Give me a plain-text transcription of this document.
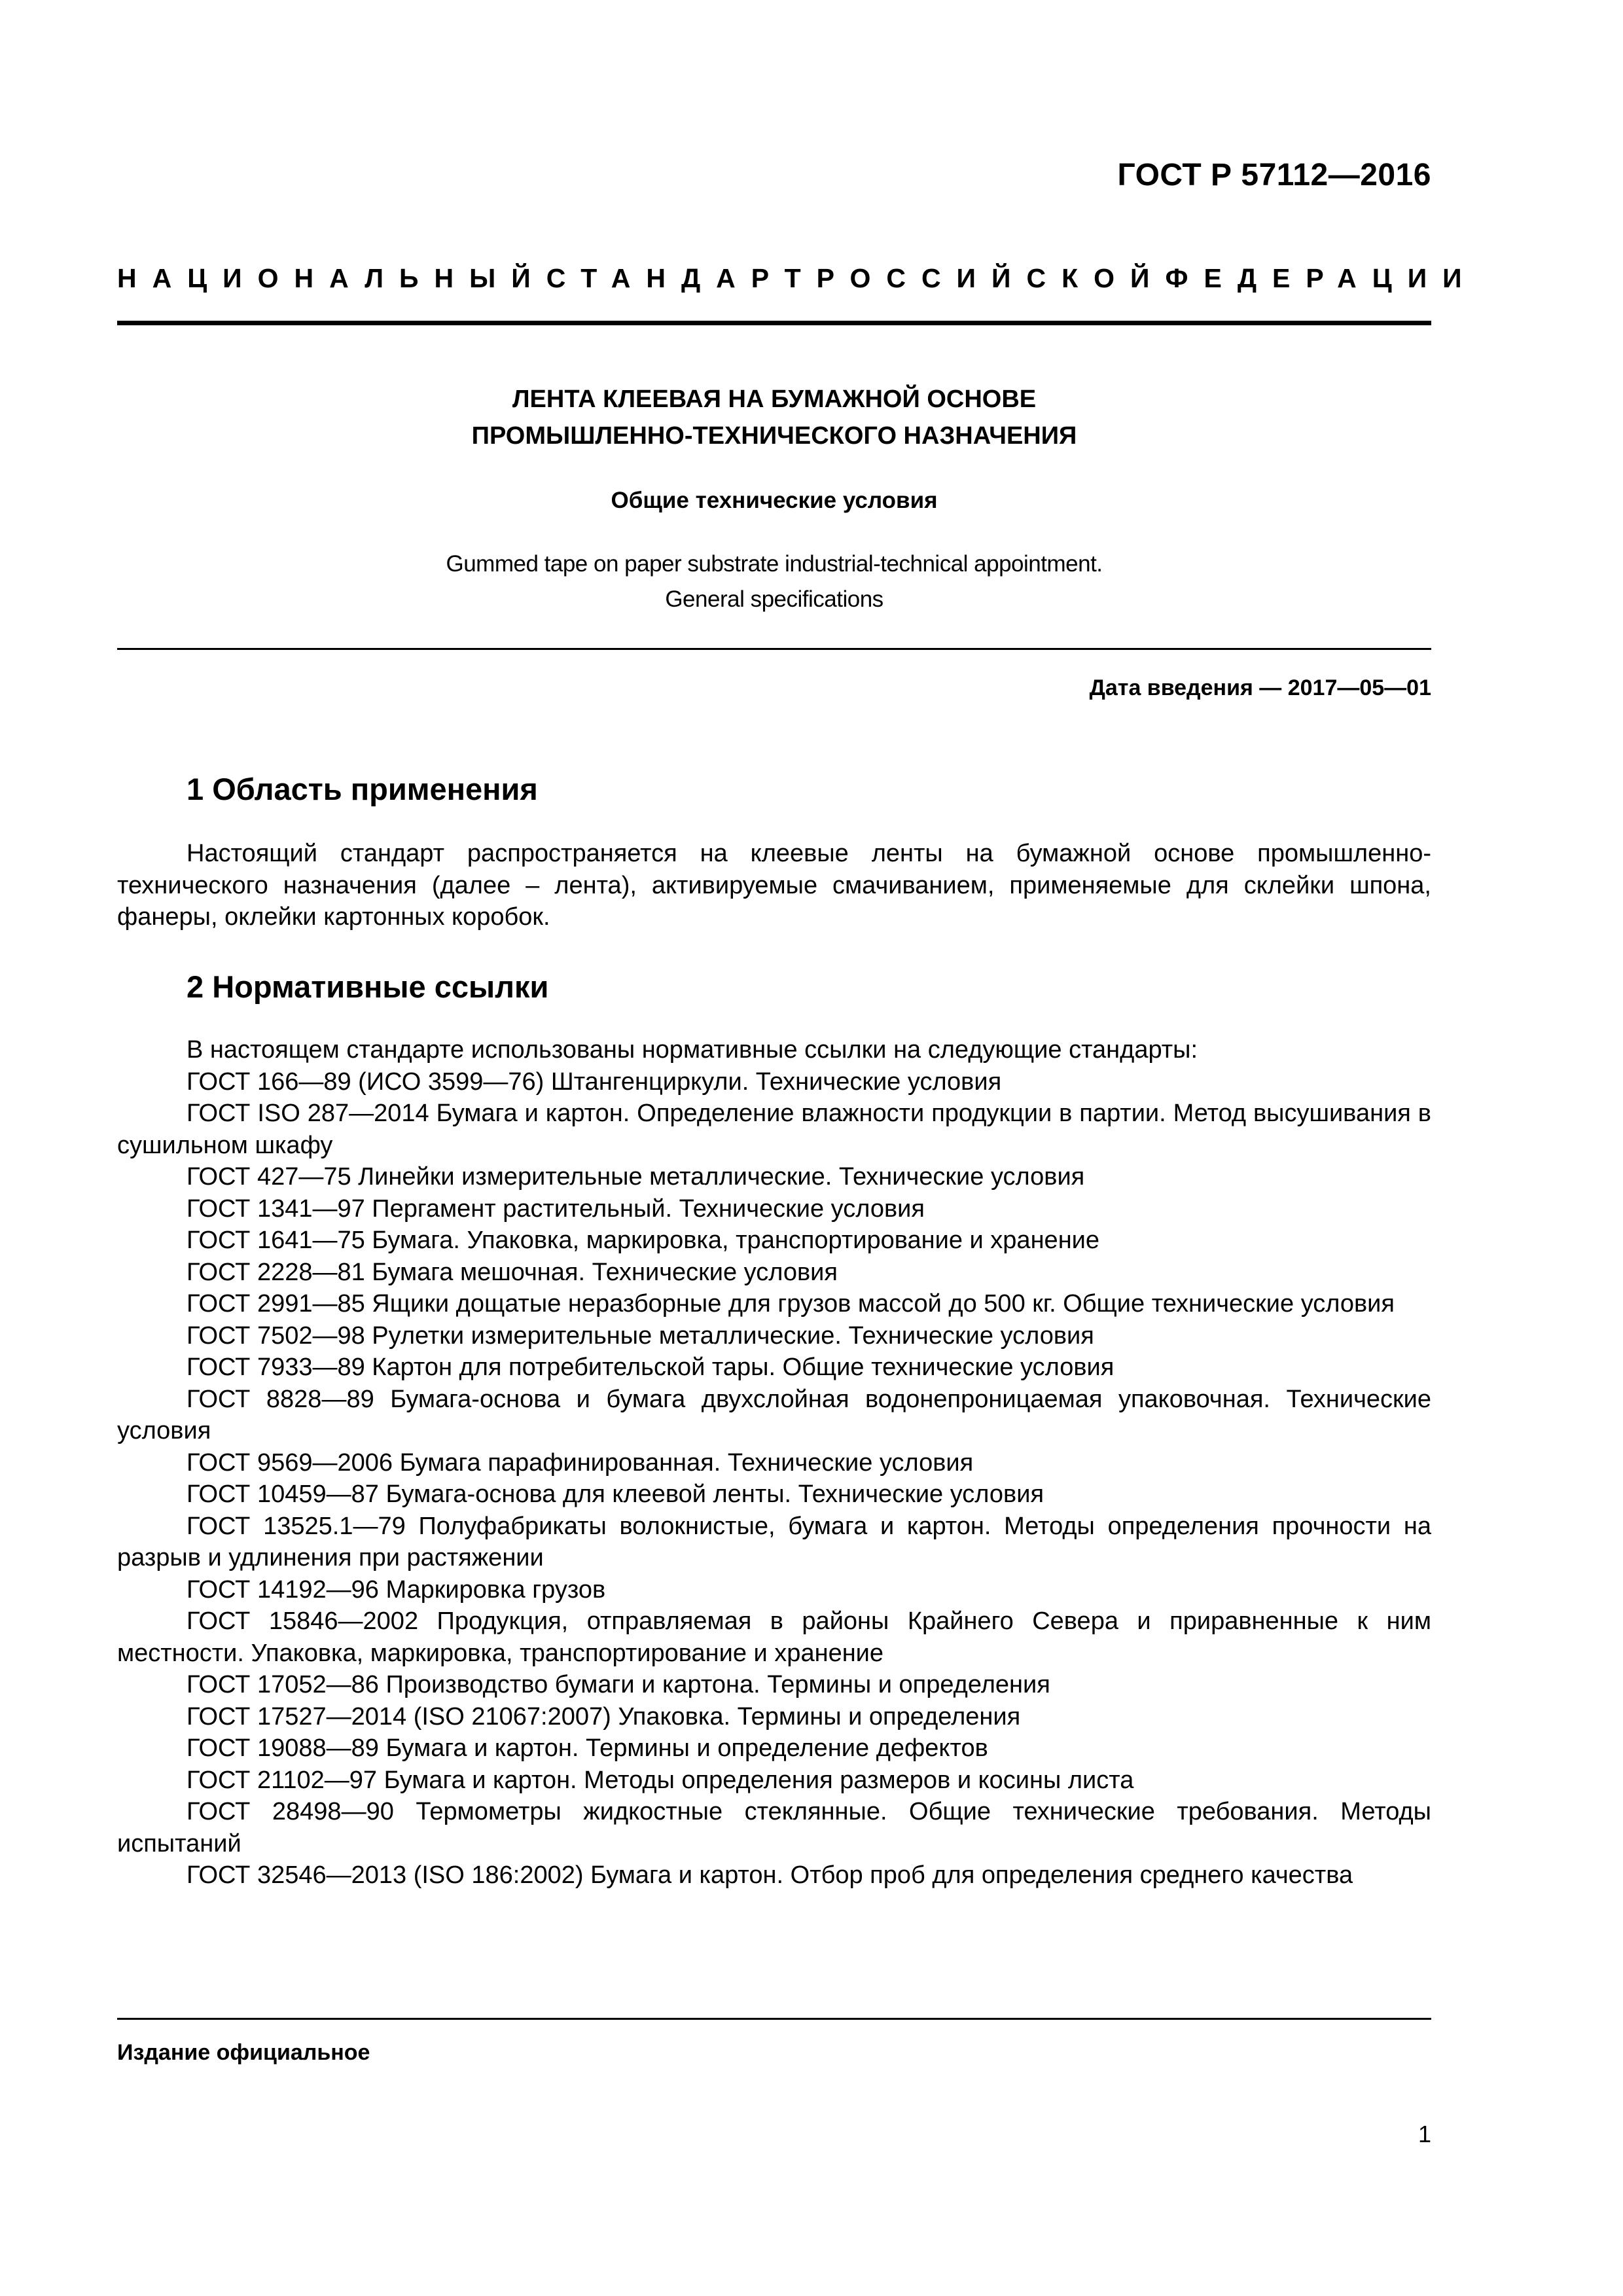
ГОСТ Р 57112—2016
НАЦИОНАЛЬНЫЙ СТАНДАРТ РОССИЙСКОЙ ФЕДЕРАЦИИ
ЛЕНТА КЛЕЕВАЯ НА БУМАЖНОЙ ОСНОВЕ
ПРОМЫШЛЕННО-ТЕХНИЧЕСКОГО НАЗНАЧЕНИЯ
Общие технические условия
Gummed tape on paper substrate industrial-technical appointment.
General specifications
Дата введения — 2017—05—01
1 Область применения
Настоящий стандарт распространяется на клеевые ленты на бумажной основе промышленно-технического назначения (далее – лента), активируемые смачиванием, применяемые для склейки шпона, фанеры, оклейки картонных коробок.
2 Нормативные ссылки

В настоящем стандарте использованы нормативные ссылки на следующие стандарты:

ГОСТ 166—89 (ИСО 3599—76) Штангенциркули. Технические условия

ГОСТ ISO 287—2014 Бумага и картон. Определение влажности продукции в партии. Метод высушивания в сушильном шкафу

ГОСТ 427—75 Линейки измерительные металлические. Технические условия

ГОСТ 1341—97 Пергамент растительный. Технические условия

ГОСТ 1641—75 Бумага. Упаковка, маркировка, транспортирование и хранение

ГОСТ 2228—81 Бумага мешочная. Технические условия

ГОСТ 2991—85 Ящики дощатые неразборные для грузов массой до 500 кг. Общие технические условия

ГОСТ 7502—98 Рулетки измерительные металлические. Технические условия

ГОСТ 7933—89 Картон для потребительской тары. Общие технические условия

ГОСТ 8828—89 Бумага-основа и бумага двухслойная водонепроницаемая упаковочная. Технические условия

ГОСТ 9569—2006 Бумага парафинированная. Технические условия

ГОСТ 10459—87 Бумага-основа для клеевой ленты. Технические условия

ГОСТ 13525.1—79 Полуфабрикаты волокнистые, бумага и картон. Методы определения прочности на разрыв и удлинения при растяжении

ГОСТ 14192—96 Маркировка грузов

ГОСТ 15846—2002 Продукция, отправляемая в районы Крайнего Севера и приравненные к ним местности. Упаковка, маркировка, транспортирование и хранение

ГОСТ 17052—86 Производство бумаги и картона. Термины и определения

ГОСТ 17527—2014 (ISO 21067:2007) Упаковка. Термины и определения

ГОСТ 19088—89 Бумага и картон. Термины и определение дефектов

ГОСТ 21102—97 Бумага и картон. Методы определения размеров и косины листа

ГОСТ 28498—90 Термометры жидкостные стеклянные. Общие технические требования. Методы испытаний

ГОСТ 32546—2013 (ISO 186:2002) Бумага и картон. Отбор проб для определения среднего качества

Издание официальное
1
